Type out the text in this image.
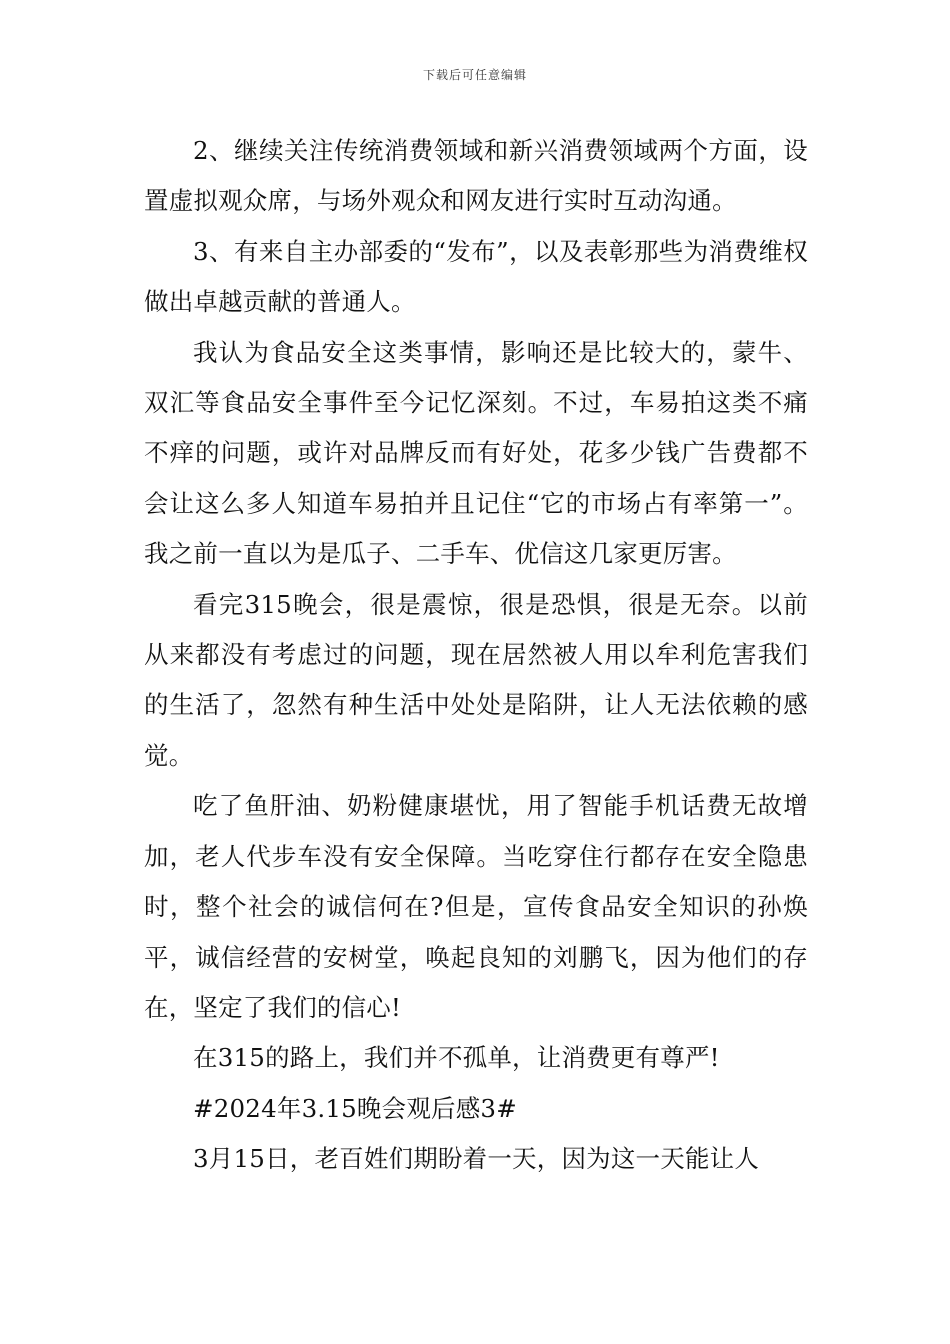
下载后可任意编辑

2、继续关注传统消费领域和新兴消费领域两个方面，设置虚拟观众席，与场外观众和网友进行实时互动沟通。

3、有来自主办部委的“发布”，以及表彰那些为消费维权做出卓越贡献的普通人。

我认为食品安全这类事情，影响还是比较大的，蒙牛、双汇等食品安全事件至今记忆深刻。不过，车易拍这类不痛不痒的问题，或许对品牌反而有好处，花多少钱广告费都不会让这么多人知道车易拍并且记住“它的市场占有率第一”。我之前一直以为是瓜子、二手车、优信这几家更厉害。

看完315晚会，很是震惊，很是恐惧，很是无奈。以前从来都没有考虑过的问题，现在居然被人用以牟利危害我们的生活了，忽然有种生活中处处是陷阱，让人无法依赖的感觉。

吃了鱼肝油、奶粉健康堪忧，用了智能手机话费无故增加，老人代步车没有安全保障。当吃穿住行都存在安全隐患时，整个社会的诚信何在?但是，宣传食品安全知识的孙焕平，诚信经营的安树堂，唤起良知的刘鹏飞，因为他们的存在，坚定了我们的信心!

在315的路上，我们并不孤单，让消费更有尊严!

#2024年3.15晚会观后感3#

3月15日，老百姓们期盼着一天，因为这一天能让人
